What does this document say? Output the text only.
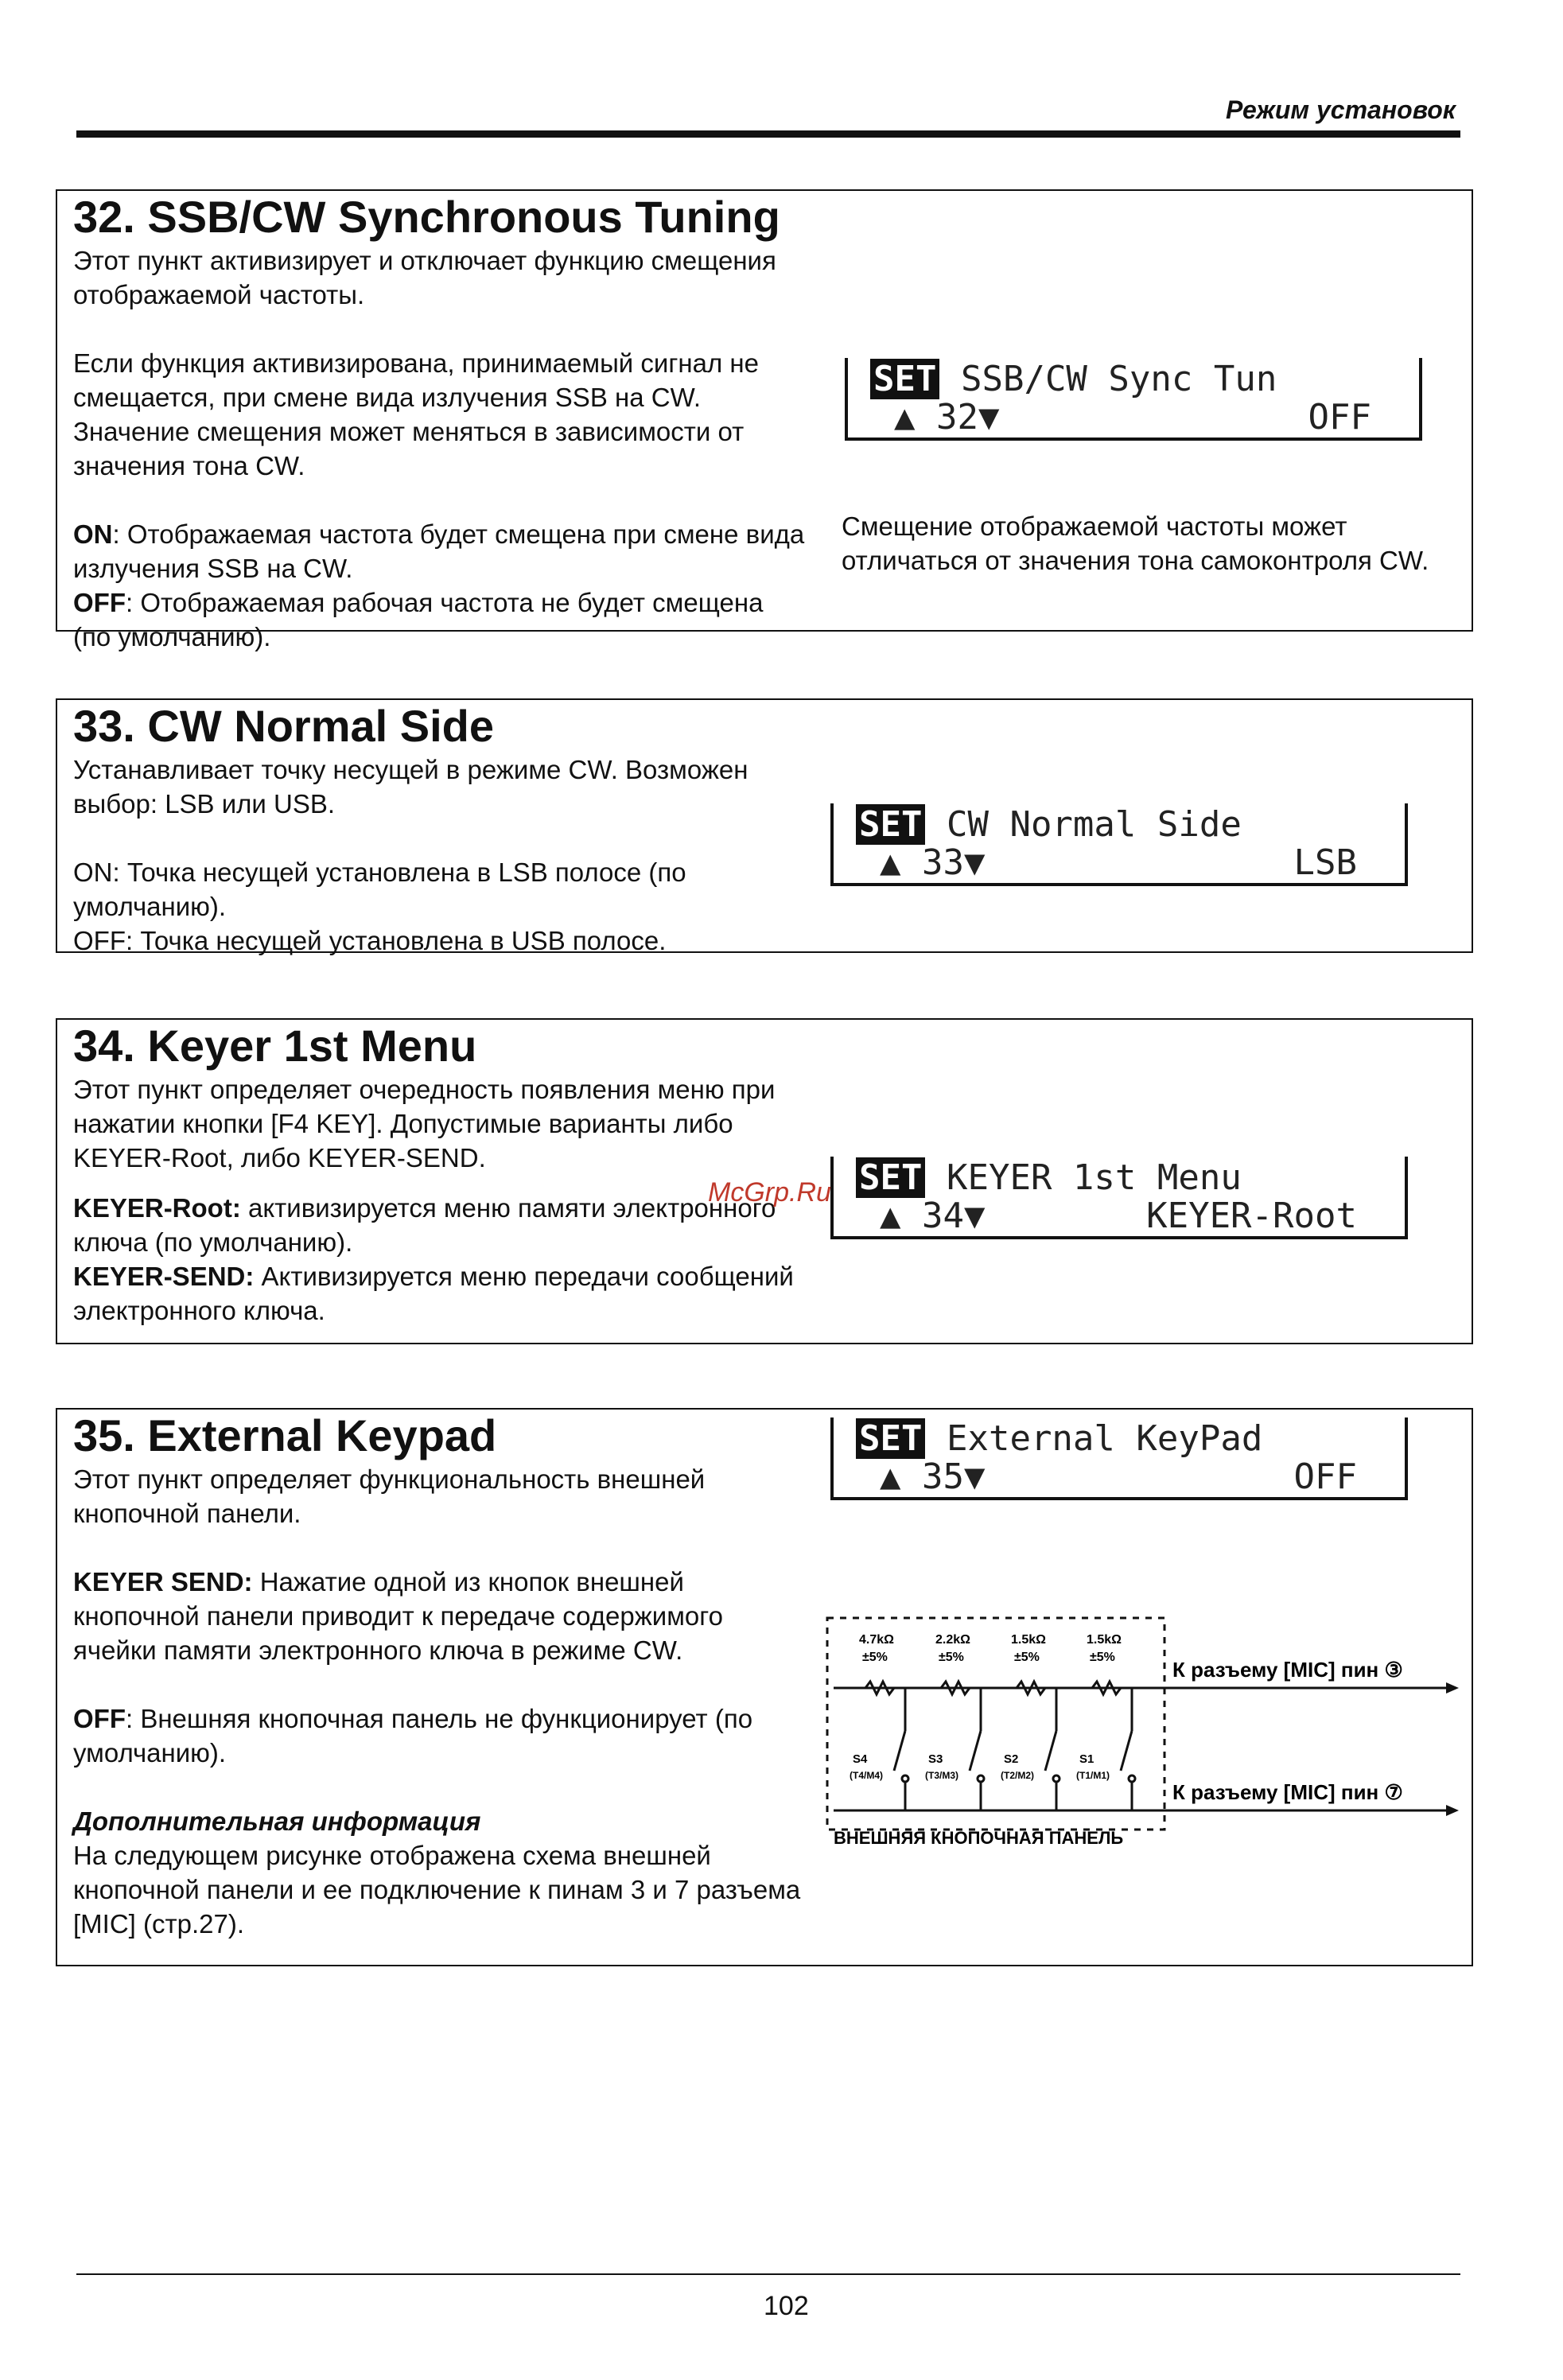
Режим установок
32. SSB/CW Synchronous Tuning

Этот пункт активизирует и отключает функцию смещения отображаемой частоты.

Если функция активизирована, принимаемый сигнал не смещается, при смене вида излучения SSB на CW. Значение смещения может меняться в зависимости от значения тона CW.

ON: Отображаемая частота будет смещена при смене вида излучения SSB на CW.
OFF: Отображаемая рабочая частота не будет смещена (по умолчанию).

SET SSB/CW Sync Tun

▲ 32▼	OFF

Смещение отображаемой частоты может отличаться от значения тона самоконтроля CW.
33. CW Normal Side

Устанавливает точку несущей в режиме CW. Возможен выбор: LSB или USB.

ON: Точка несущей установлена в LSB полосе (по умолчанию).
OFF: Точка несущей установлена в USB полосе.

SET CW Normal Side

▲ 33▼	LSB

34. Keyer 1st Menu

Этот пункт определяет очередность появления меню при нажатии кнопки [F4 KEY]. Допустимые варианты либо KEYER-Root, либо KEYER-SEND.

KEYER-Root: активизируется меню памяти электронного ключа (по умолчанию).
KEYER-SEND: Активизируется меню передачи сообщений электронного ключа.

SET KEYER 1st Menu

▲ 34▼	KEYER-Root

35. External Keypad

Этот пункт определяет функциональность внешней кнопочной панели.

KEYER SEND: Нажатие одной из кнопок внешней кнопочной панели приводит к передаче содержимого ячейки памяти электронного ключа в режиме CW.

OFF: Внешняя кнопочная панель не функционирует (по умолчанию).

Дополнительная информация
На следующем рисунке отображена схема внешней кнопочной панели и ее подключение к пинам 3 и 7 разъема [MIC] (стр.27).

SET External KeyPad

▲ 35▼	OFF

4.7kΩ
±5%
2.2kΩ
±5%
1.5kΩ
±5%
1.5kΩ
±5%
S4
(T4/M4)
S3
(T3/M3)
S2
(T2/M2)
S1
(T1/M1)
К разъему [MIC] пин ③
К разъему [MIC] пин ⑦
ВНЕШНЯЯ КНОПОЧНАЯ ПАНЕЛЬ
McGrp.Ru
102
